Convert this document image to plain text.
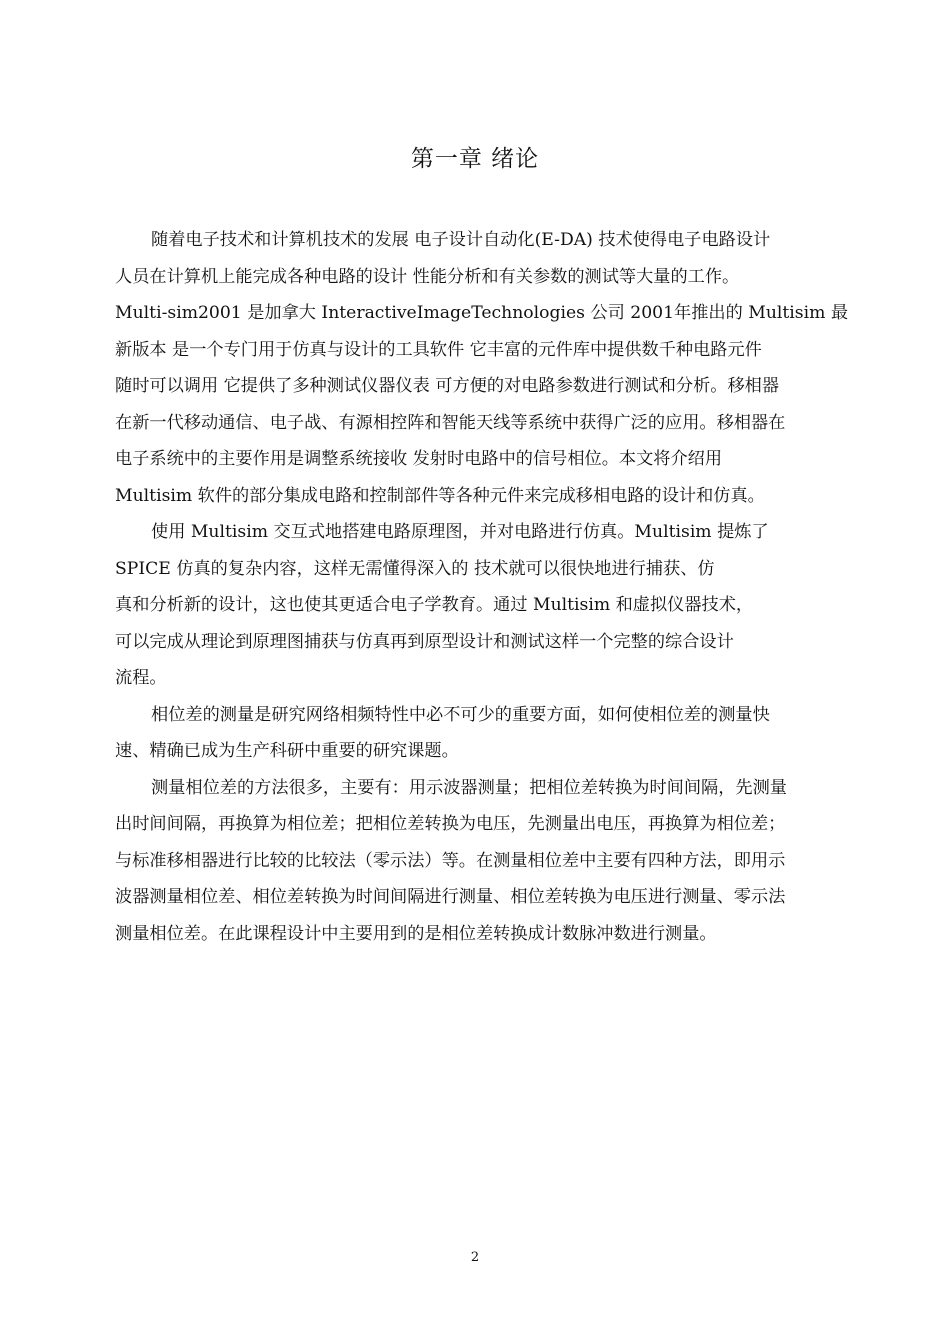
第一章 绪论
随着电子技术和计算机技术的发展 电子设计自动化(E-DA) 技术使得电子电路设计
人员在计算机上能完成各种电路的设计 性能分析和有关参数的测试等大量的工作。
Multi-sim2001 是加拿大 InteractiveImageTechnologies 公司 2001年推出的 Multisim 最
新版本 是一个专门用于仿真与设计的工具软件 它丰富的元件库中提供数千种电路元件
随时可以调用 它提供了多种测试仪器仪表 可方便的对电路参数进行测试和分析。移相器
在新一代移动通信、电子战、有源相控阵和智能天线等系统中获得广泛的应用。移相器在
电子系统中的主要作用是调整系统接收 发射时电路中的信号相位。本文将介绍用
Multisim 软件的部分集成电路和控制部件等各种元件来完成移相电路的设计和仿真。
使用 Multisim 交互式地搭建电路原理图，并对电路进行仿真。Multisim 提炼了
SPICE 仿真的复杂内容，这样无需懂得深入的 技术就可以很快地进行捕获、仿
真和分析新的设计，这也使其更适合电子学教育。通过 Multisim 和虚拟仪器技术，
可以完成从理论到原理图捕获与仿真再到原型设计和测试这样一个完整的综合设计
流程。
相位差的测量是研究网络相频特性中必不可少的重要方面，如何使相位差的测量快
速、精确已成为生产科研中重要的研究课题。
测量相位差的方法很多，主要有：用示波器测量；把相位差转换为时间间隔，先测量
出时间间隔，再换算为相位差；把相位差转换为电压，先测量出电压，再换算为相位差；
与标准移相器进行比较的比较法（零示法）等。在测量相位差中主要有四种方法，即用示
波器测量相位差、相位差转换为时间间隔进行测量、相位差转换为电压进行测量、零示法
测量相位差。在此课程设计中主要用到的是相位差转换成计数脉冲数进行测量。
2
